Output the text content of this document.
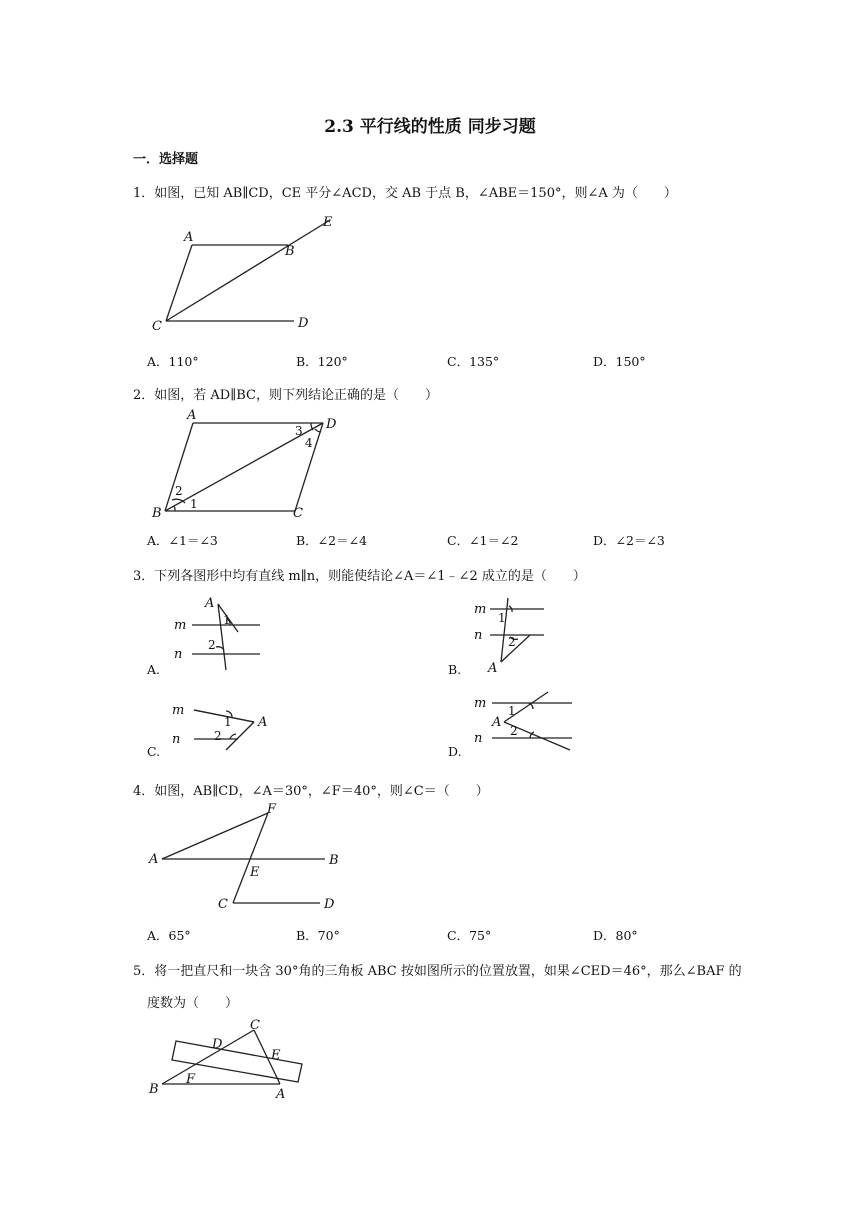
2.3 平行线的性质 同步习题
一．选择题
1．如图，已知 AB∥CD，CE 平分∠ACD，交 AB 于点 B，∠ABE＝150°，则∠A 为（　　）
A
B
C	D
E
A．110°	B．120°	C．135°	D．150°
2．如图，若 AD∥BC，则下列结论正确的是（　　）
A
B	C
D
1
2
3
4
A．∠1＝∠3	B．∠2＝∠4	C．∠1＝∠2	D．∠2＝∠3
3．下列各图形中均有直线 m∥n，则能使结论∠A＝∠1﹣∠2 成立的是（　　）
m
n
A
1
2
A.
m
n
A
1
2
B.
m
n
A
1
2
C.
m
n
A
1
2
D.
4．如图，AB∥CD，∠A＝30°，∠F＝40°，则∠C＝（　　）
A	B
C	D
E
F
A．65°	B．70°	C．75°	D．80°
5．将一把直尺和一块含 30°角的三角板 ABC 按如图所示的位置放置，如果∠CED＝46°，那么∠BAF 的
度数为（　　）
B	A
C
D
E
F
